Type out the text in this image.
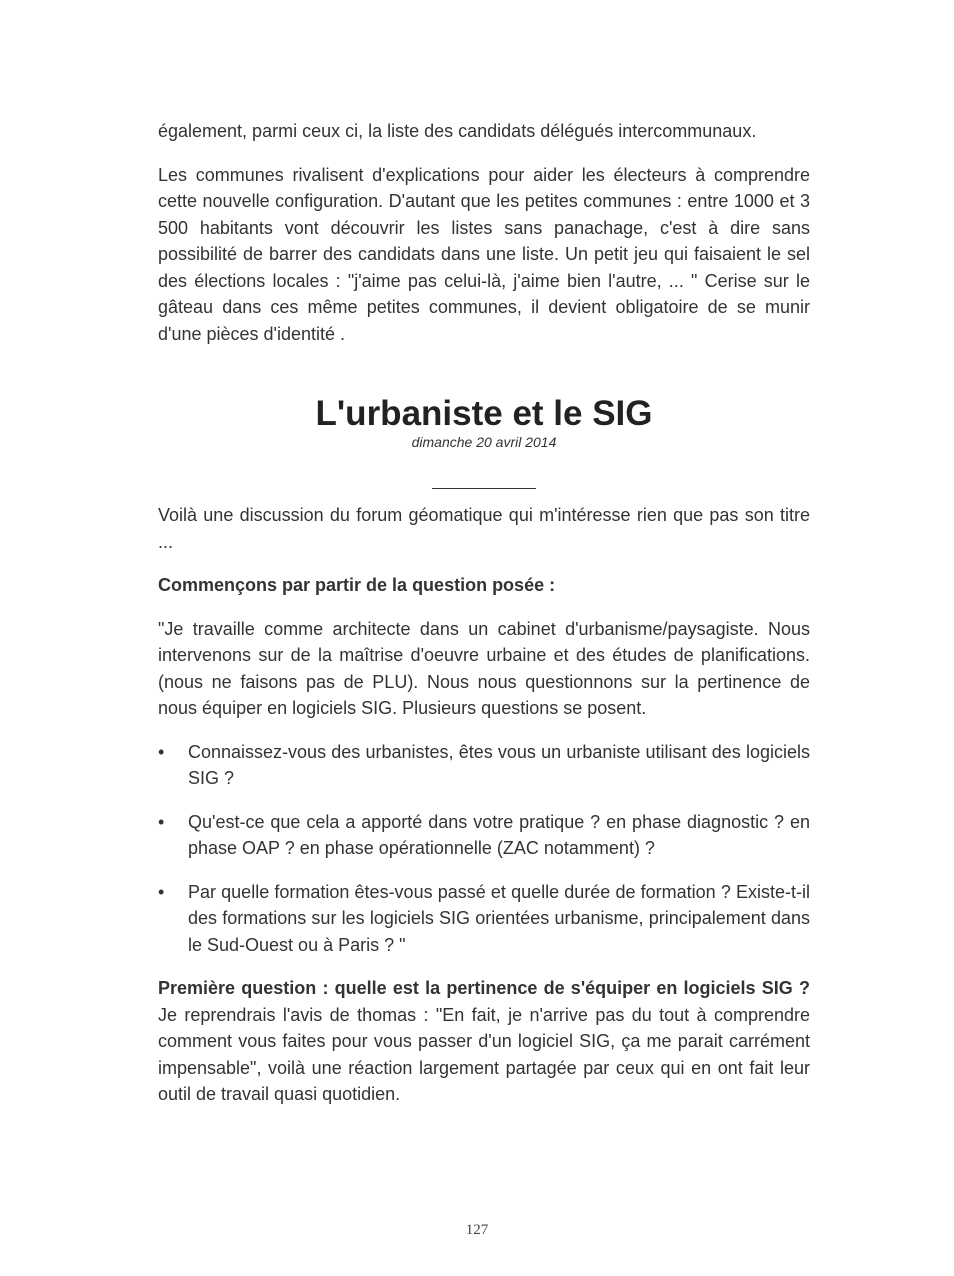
également, parmi ceux ci, la liste des candidats délégués intercommunaux.

Les communes rivalisent d'explications pour aider les électeurs à comprendre cette nouvelle configuration. D'autant que les petites communes : entre 1000 et 3 500 habitants vont découvrir les listes sans panachage, c'est à dire sans possibilité de barrer des candidats dans une liste. Un petit jeu qui faisaient le sel des élections locales : "j'aime pas celui-là, j'aime bien l'autre, ... " Cerise sur le gâteau dans ces même petites communes, il devient obligatoire de se munir d'une pièces d'identité .

L'urbaniste et le SIG
dimanche 20 avril 2014

Voilà une discussion du forum géomatique qui m'intéresse rien que pas son titre ...

Commençons par partir de la question posée :

"Je travaille comme architecte dans un cabinet d'urbanisme/paysagiste. Nous intervenons sur de la maîtrise d'oeuvre urbaine et des études de planifications. (nous ne faisons pas de PLU). Nous nous questionnons sur la pertinence de nous équiper en logiciels SIG. Plusieurs questions se posent.

• Connaissez-vous des urbanistes, êtes vous un urbaniste utilisant des logiciels SIG ?
• Qu'est-ce que cela a apporté dans votre pratique ? en phase diagnostic ? en phase OAP ? en phase opérationnelle (ZAC notamment) ?
• Par quelle formation êtes-vous passé et quelle durée de formation ? Existe-t-il des formations sur les logiciels SIG orientées urbanisme, principalement dans le Sud-Ouest ou à Paris ? "

Première question : quelle est la pertinence de s'équiper en logiciels SIG ? Je reprendrais l'avis de thomas : "En fait, je n'arrive pas du tout à comprendre comment vous faites pour vous passer d'un logiciel SIG, ça me parait carrément impensable", voilà une réaction largement partagée par ceux qui en ont fait leur outil de travail quasi quotidien.

127
